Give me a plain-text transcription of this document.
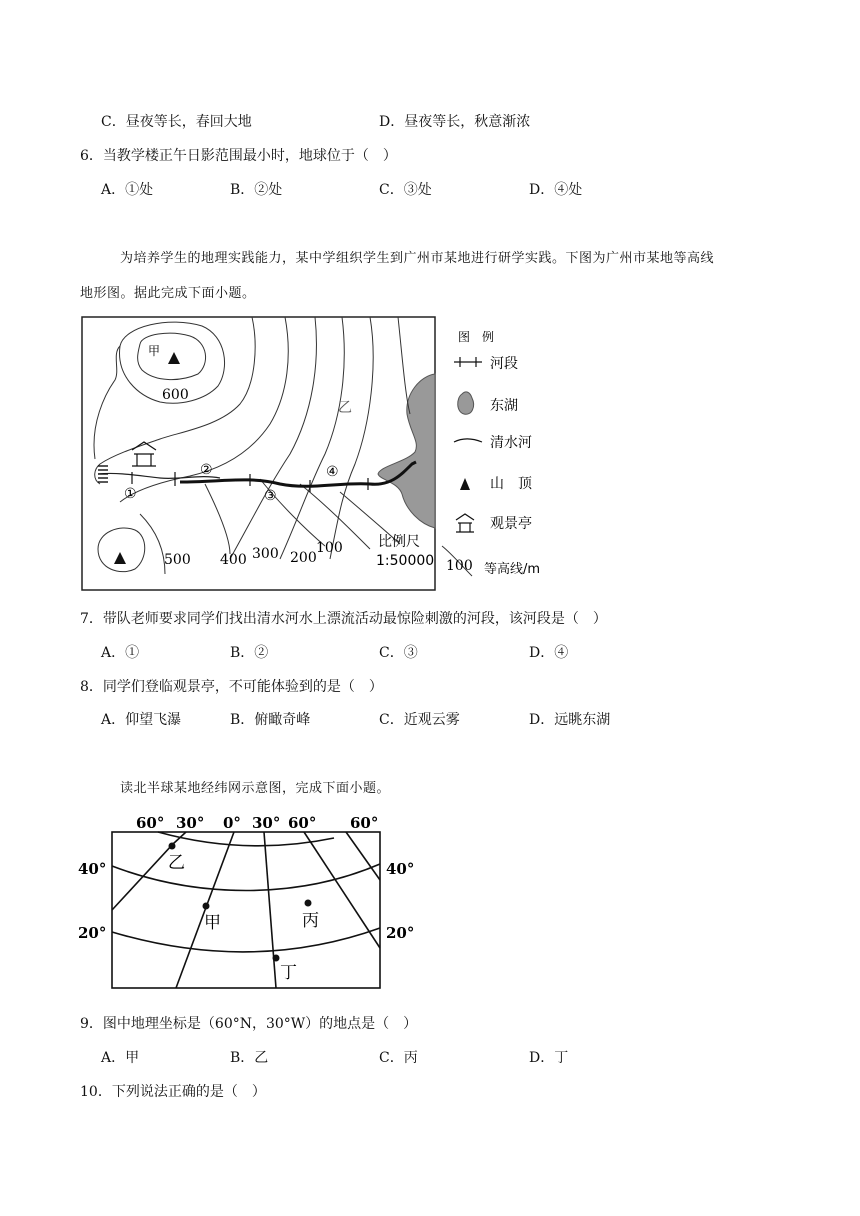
C．昼夜等长，春回大地	D．昼夜等长，秋意渐浓
6．当教学楼正午日影范围最小时，地球位于（　）
A．①处	B．②处	C．③处	D．④处
为培养学生的地理实践能力，某中学组织学生到广州市某地进行研学实践。下图为广州市某地等高线
地形图。据此完成下面小题。
甲
乙
600
500 400 300 200
100
①
②
③
④
比例尺
1:50000
图　例
河段
东湖
清水河
山　顶
观景亭
100 等高线/m
7．带队老师要求同学们找出清水河水上漂流活动最惊险刺激的河段，该河段是（　）
A．①	B．②	C．③	D．④
8．同学们登临观景亭，不可能体验到的是（　）
A．仰望飞瀑	B．俯瞰奇峰	C．近观云雾	D．远眺东湖
读北半球某地经纬网示意图，完成下面小题。
60° 30° 0° 30° 60° 60°
40°
20°
40°
20°
乙
甲	丙
丁
9．图中地理坐标是（60°N，30°W）的地点是（　）
A．甲	B．乙	C．丙	D．丁
10．下列说法正确的是（　）
